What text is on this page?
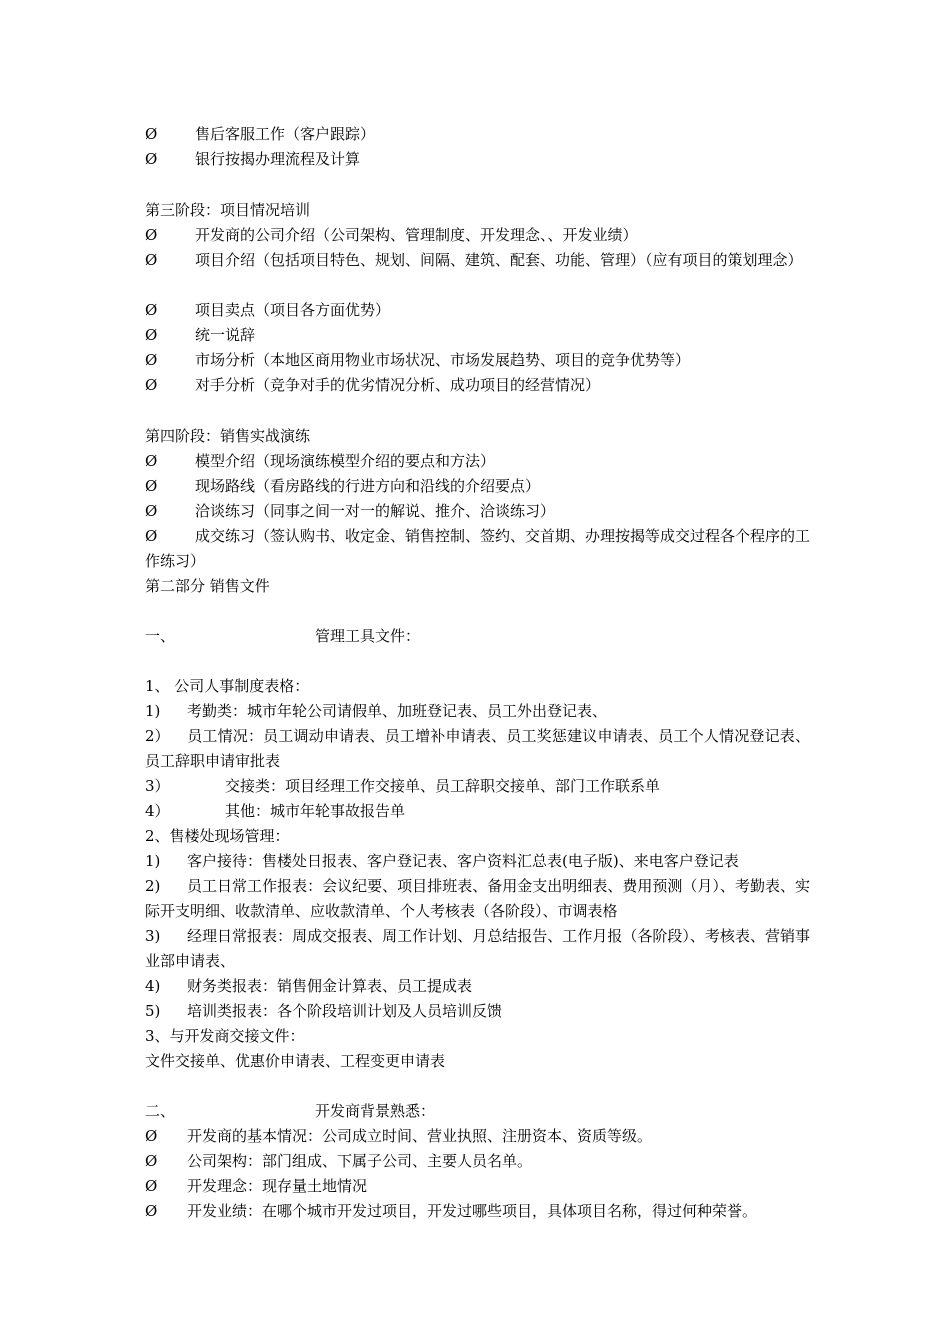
Ø	售后客服工作（客户跟踪）
Ø	银行按揭办理流程及计算
第三阶段：项目情况培训
Ø	开发商的公司介绍（公司架构、管理制度、开发理念、、开发业绩）
Ø	项目介绍（包括项目特色、规划、间隔、建筑、配套、功能、管理）（应有项目的策划理念）
Ø	项目卖点（项目各方面优势）
Ø	统一说辞
Ø	市场分析（本地区商用物业市场状况、市场发展趋势、项目的竞争优势等）
Ø	对手分析（竞争对手的优劣情况分析、成功项目的经营情况）
第四阶段：销售实战演练
Ø	模型介绍（现场演练模型介绍的要点和方法）
Ø	现场路线（看房路线的行进方向和沿线的介绍要点）
Ø	洽谈练习（同事之间一对一的解说、推介、洽谈练习）
Ø	成交练习（签认购书、收定金、销售控制、签约、交首期、办理按揭等成交过程各个程序的工作练习）
第二部分 销售文件
一、	管理工具文件：
1、 公司人事制度表格：
1) 考勤类：城市年轮公司请假单、加班登记表、员工外出登记表、
2） 员工情况：员工调动申请表、员工增补申请表、员工奖惩建议申请表、员工个人情况登记表、员工辞职申请审批表
3）	交接类：项目经理工作交接单、员工辞职交接单、部门工作联系单
4）	其他：城市年轮事故报告单
2、售楼处现场管理：
1) 客户接待：售楼处日报表、客户登记表、客户资料汇总表(电子版)、来电客户登记表
2) 员工日常工作报表：会议纪要、项目排班表、备用金支出明细表、费用预测（月）、考勤表、实际开支明细、收款清单、应收款清单、个人考核表（各阶段）、市调表格
3) 经理日常报表：周成交报表、周工作计划、月总结报告、工作月报（各阶段）、考核表、营销事业部申请表、
4) 财务类报表：销售佣金计算表、员工提成表
5) 培训类报表：各个阶段培训计划及人员培训反馈
3、与开发商交接文件：
文件交接单、优惠价申请表、工程变更申请表
二、	开发商背景熟悉：
Ø 开发商的基本情况：公司成立时间、营业执照、注册资本、资质等级。
Ø 公司架构：部门组成、下属子公司、主要人员名单。
Ø 开发理念：现存量土地情况
Ø 开发业绩：在哪个城市开发过项目，开发过哪些项目，具体项目名称，得过何种荣誉。
